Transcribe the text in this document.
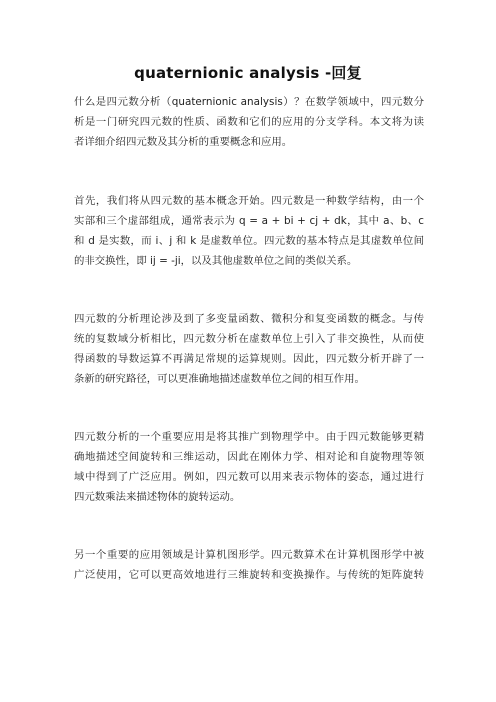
quaternionic analysis -回复

什么是四元数分析（quaternionic analysis）？在数学领域中，四元数分
析是一门研究四元数的性质、函数和它们的应用的分支学科。本文将为读
者详细介绍四元数及其分析的重要概念和应用。

首先，我们将从四元数的基本概念开始。四元数是一种数学结构，由一个
实部和三个虚部组成，通常表示为 q = a + bi + cj + dk，其中 a、b、c
和 d 是实数，而 i、j 和 k 是虚数单位。四元数的基本特点是其虚数单位间
的非交换性，即 ij = -ji，以及其他虚数单位之间的类似关系。

四元数的分析理论涉及到了多变量函数、微积分和复变函数的概念。与传
统的复数域分析相比，四元数分析在虚数单位上引入了非交换性，从而使
得函数的导数运算不再满足常规的运算规则。因此，四元数分析开辟了一
条新的研究路径，可以更准确地描述虚数单位之间的相互作用。

四元数分析的一个重要应用是将其推广到物理学中。由于四元数能够更精
确地描述空间旋转和三维运动，因此在刚体力学、相对论和自旋物理等领
域中得到了广泛应用。例如，四元数可以用来表示物体的姿态，通过进行
四元数乘法来描述物体的旋转运动。

另一个重要的应用领域是计算机图形学。四元数算术在计算机图形学中被
广泛使用，它可以更高效地进行三维旋转和变换操作。与传统的矩阵旋转
